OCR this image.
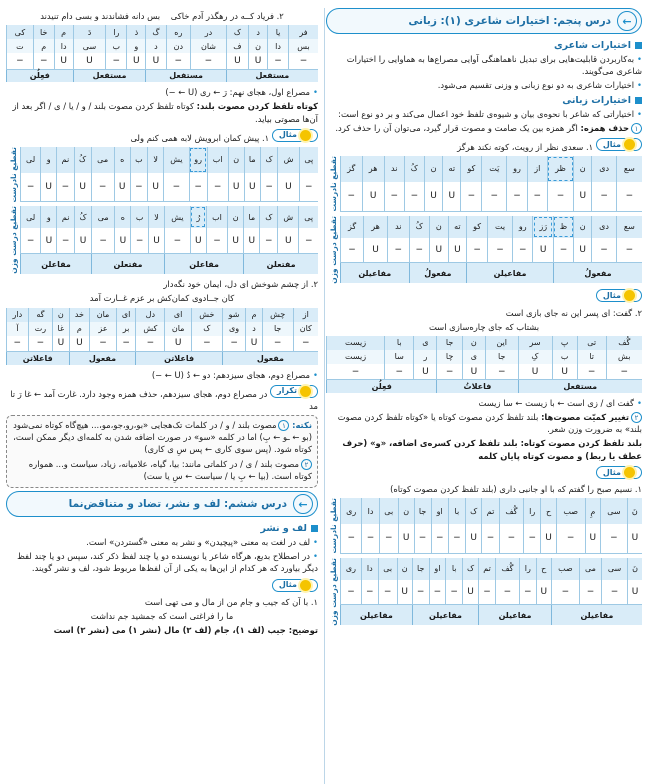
←
درس پنجم: اختیارات شاعری (۱): زبانی
اختیارات شاعری

• به‌کاربردن قابلیت‌هایی برای تبدیل ناهماهنگی آوایی مصراع‌ها به هماوایی را اختیارات شاعری می‌گویند.

• اختیارات شاعری به دو نوع زبانی و وزنی تقسیم می‌شود.

اختیارات زبانی

• اختیاراتی که شاعر با نحوه‌ی بیان و شیوه‌ی تلفظ خود اعمال می‌کند و بر دو نوع است:

۱حذف همزه: اگر همزه بین یک صامت و مصوت قرار گیرد، می‌توان آن را حذف کرد.

مثال
۱. سعدی نظر از رویت، کوته نکند هرگز

سع	دی	ن	ظر	از	رو	یَت	کو	ته	ن	کُ	ند	هر	گز
−	−	U	−	−	−	−	−	U	U	−	−	U	−
تقطیع نادرست
سع	دی	ن	ظ	رَز	رو	یت	کو	ته	ن	کُ	ند	هر	گز
−	−	U	−	U	−	−	−	U	U	−	−	U	−
مفعولُ				مفاعیلن				مفعولُ			مفاعیلن		
تقطیع درست وزن

مثال

۲. گفت: ای پسر این نه جای بازی است

بشتاب که جای چاره‌سازی است

گُف	تی	پ	سر	این	ن	جا	ی	با	زیست
بش	تا	ب	کِ	جا	ی	چا	ر	سا	زیست
−	−	U	U	−	U	−	U	−	−
مستفعل				فاعلاتُ			فعِلُن		

• گفت ای / زی است ← با زیست ← سا زیست

۲تغییر کمیّت مصوت‌ها: بلند تلفظ کردن مصوت کوتاه یا «کوتاه تلفظ کردن مصوت بلند» به ضرورت وزن شعر.

بلند تلفظ کردن مصوت کوتاه: بلند تلفظ کردن کسره‌ی اضافه، «و» (حرف عطف یا ربط) و مصوت کوتاه پایان کلمه

مثال

۱. نسیم صبح را گفتم که با او جانبی داری (بلند تلفظ کردن مصوت کوتاه)

نَ	سی	مِ	صب	ح	را	گُف	تم	ک	با	او	جا	ن	بی	دا	ری
U	−	U	−	U	−	−	−	U	−	−	−	U	−	−	−
تقطیع نادرست
نَ	سی	می	صب	ح	را	گُف	تم	ک	با	او	جا	ن	بی	دا	ری
U	−	−	−	U	−	−	−	U	−	−	−	U	−	−	−
مفاعیلن				مفاعیلن				مفاعیلن				مفاعیلن			
تقطیع درست وزن

۲. فریاد کــه در رهگذر آدم خاکی    بس دانه فشاندند و بسی دام تنیدند

فر	یا	د	ک	در	ره	گ	ذ	را	دَ	م	خا	کی
بس	دا	ن	ف	شان	دن	د	و	ب	سی	دا	م	ت
−	−	U	U	−	−	U	U	−	U	U	−	−
مستفعل				مستفعل			مستفعل			فعِلُن		

• مصراع اول، هجای نهم: رَ ← ری (U ← −)

کوتاه تلفظ کردن مصوت بلند: کوتاه تلفظ کردن مصوت بلند / و / یا / ی / اگر بعد از آن‌ها مصوتی بیاید.

مثال
۱. پیش کمان ابرویش لابه همی کنم ولی

پی	ش	ک	ما	ن	اب	رو	یش	لا	ب	ه	می	کُ	نم	و	لی
−	U	−	U	U	−	−	−	U	−	U	−	U	−	U	−
تقطیع نادرست
پی	ش	ک	ما	ن	اب	رُ	یش	لا	ب	ه	می	کُ	نم	و	لی
−	U	−	U	U	−	U	−	U	−	U	−	U	−	U	−
مفتعلن				مفاعلن				مفتعلن				مفاعلن			
تقطیع درست وزن

۲. از چشم شوخش ای دل، ایمان خود نگه‌دار

کان جــادوی کمان‌کش بر عزم غــارت آمد

از	چش	م	شو	خش	ای	دل	ای	مان	خد	ن	گه	دار
کان	جا	د	وی	ک	مان	کش	بر	عز	م	غا	رت	آ
−	−	U	−	−	U	−	−	−	U	U	−	−
مفعول				فاعلاتن			مفعول			فاعلاتن		

• مصراع دوم، هجای سیزدهم: دو ← دُ (U ← −)

تکرار
در مصراع دوم، هجای سیزدهم، حذف همزه وجود دارد. غارت آمد ← غا رَ تا مد

نکته: ۱مصوت بلند / و / در کلمات تک‌هجایی «بو،رو،جو،مو،... هیچ‌گاه کوتاه نمی‌شود (بو ← ـو ← بِ) اما در کلمه «سو» در صورت اضافه شدن به کلمه‌ای دیگر ممکن است، کوتاه شود. (پس سوی کاری ← پس سِ ی کاری)

۲مصوت بلند / ی / در کلماتی مانند: بیا، گیاه، علامیانه، زیاد، سیاست و... همواره کوتاه است. (بیا ← بِ یا / سیاست ← سِ یا ست)

←
درس ششم: لف و نشر، تضاد و متناقض‌نما
لف و نشر

• لف در لغت به معنی «پیچیدن» و نشر به معنی «گستردن» است.

• در اصطلاح بدیع، هرگاه شاعر یا نویسنده دو یا چند لفظ ذکر کند، سپس دو یا چند لفظ دیگر بیاورد که هر کدام از این‌ها به یکی از آن لفظ‌ها مربوط شود، لف و نشر گویند.

مثال

۱. با آن که جیب و جام من از مال و می تهی است

ما را فراغتی است که جمشید جم نداشت

توضیح: جیب (لف ۱)، جام (لف ۲) مال (نشر ۱) می (نشر ۲) است
